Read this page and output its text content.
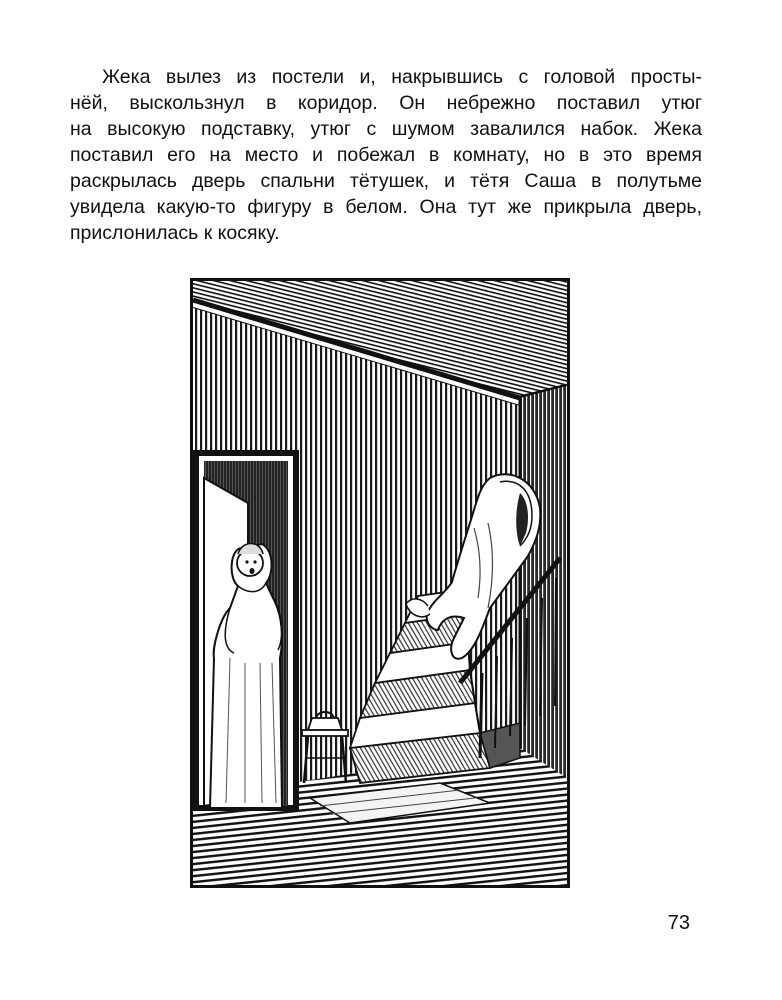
Жека вылез из постели и, накрывшись с головой просты-
нёй, выскользнул в коридор. Он небрежно поставил утюг
на высокую подставку, утюг с шумом завалился набок. Жека
поставил его на место и побежал в комнату, но в это время
раскрылась дверь спальни тётушек, и тётя Саша в полутьме
увидела какую-то фигуру в белом. Она тут же прикрыла дверь,
прислонилась к косяку.
73
